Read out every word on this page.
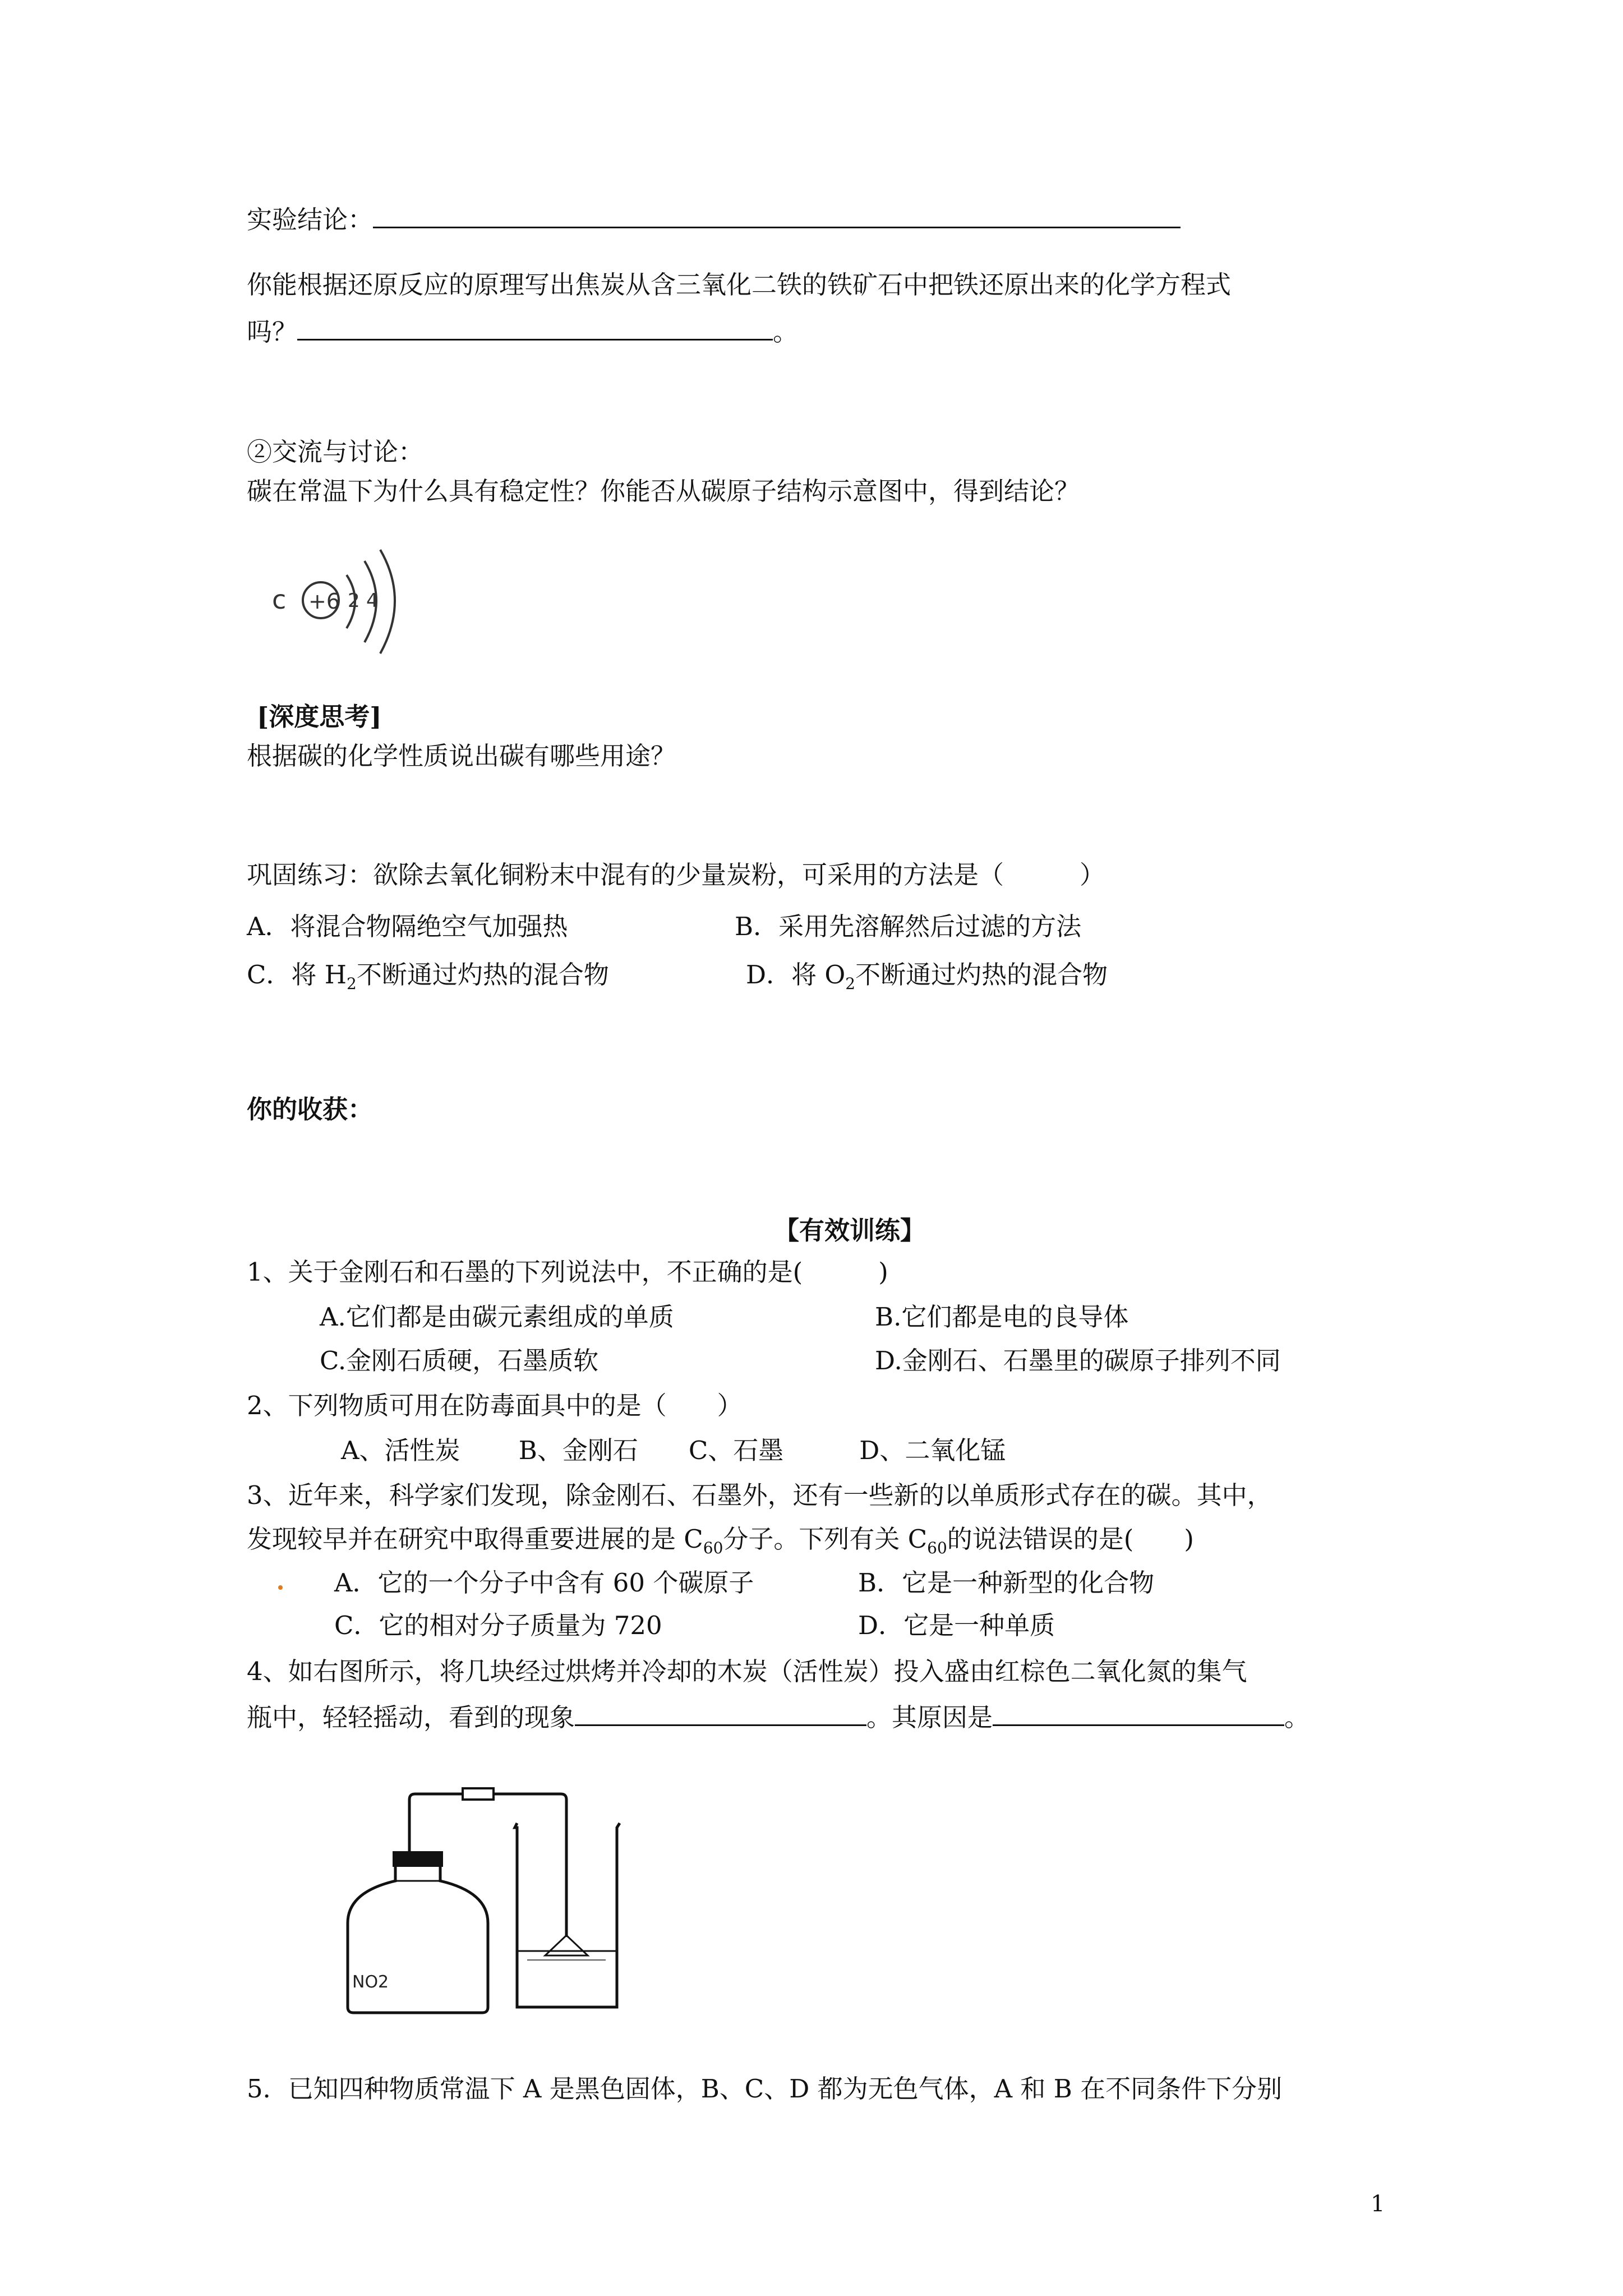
实验结论：
你能根据还原反应的原理写出焦炭从含三氧化二铁的铁矿石中把铁还原出来的化学方程式
吗？	。
②交流与讨论：
碳在常温下为什么具有稳定性？你能否从碳原子结构示意图中，得到结论？
c +6 2 4
[深度思考]
根据碳的化学性质说出碳有哪些用途？
巩固练习：欲除去氧化铜粉末中混有的少量炭粉，可采用的方法是（　　　）
A．将混合物隔绝空气加强热	B．采用先溶解然后过滤的方法
C．将 $H_2$不断通过灼热的混合物	D．将 $O_2$不断通过灼热的混合物
你的收获：
【有效训练】
1、关于金刚石和石墨的下列说法中，不正确的是(　　　)
A.它们都是由碳元素组成的单质	B.它们都是电的良导体
C.金刚石质硬，石墨质软	D.金刚石、石墨里的碳原子排列不同
2、下列物质可用在防毒面具中的是（　　）
A、活性炭　　 B、金刚石　　C、石墨　　　D、二氧化锰
3、近年来，科学家们发现，除金刚石、石墨外，还有一些新的以单质形式存在的碳。其中，
发现较早并在研究中取得重要进展的是 $C_{60}$分子。下列有关 $C_{60}$的说法错误的是(　　)
A．它的一个分子中含有 60 个碳原子	B．它是一种新型的化合物
C．它的相对分子质量为 720	D．它是一种单质
4、如右图所示，将几块经过烘烤并冷却的木炭（活性炭）投入盛由红棕色二氧化氮的集气
瓶中，轻轻摇动，看到的现象	。其原因是	。
NO2
5．已知四种物质常温下 A 是黑色固体，B、C、D 都为无色气体，A 和 B 在不同条件下分别
1
